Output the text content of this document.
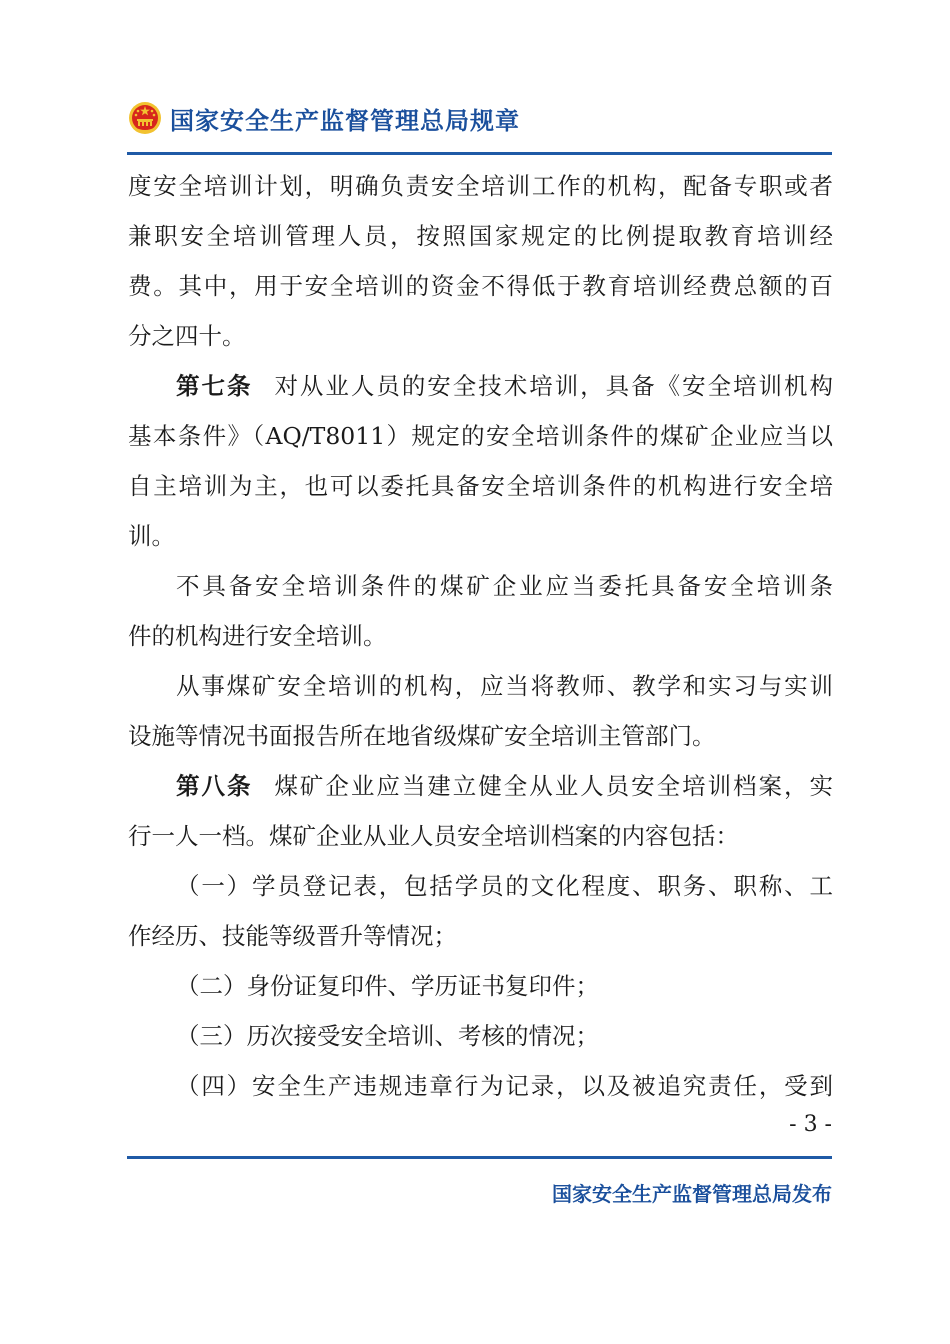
国家安全生产监督管理总局规章
度安全培训计划，明确负责安全培训工作的机构，配备专职或者
兼职安全培训管理人员，按照国家规定的比例提取教育培训经
费。其中，用于安全培训的资金不得低于教育培训经费总额的百
分之四十。
第七条 对从业人员的安全技术培训，具备《安全培训机构
基本条件》（AQ/T8011）规定的安全培训条件的煤矿企业应当以
自主培训为主，也可以委托具备安全培训条件的机构进行安全培
训。
不具备安全培训条件的煤矿企业应当委托具备安全培训条
件的机构进行安全培训。
从事煤矿安全培训的机构，应当将教师、教学和实习与实训
设施等情况书面报告所在地省级煤矿安全培训主管部门。
第八条 煤矿企业应当建立健全从业人员安全培训档案，实
行一人一档。煤矿企业从业人员安全培训档案的内容包括：
（一）学员登记表，包括学员的文化程度、职务、职称、工
作经历、技能等级晋升等情况；
（二）身份证复印件、学历证书复印件；
（三）历次接受安全培训、考核的情况；
（四）安全生产违规违章行为记录，以及被追究责任，受到
- 3 -
国家安全生产监督管理总局发布
